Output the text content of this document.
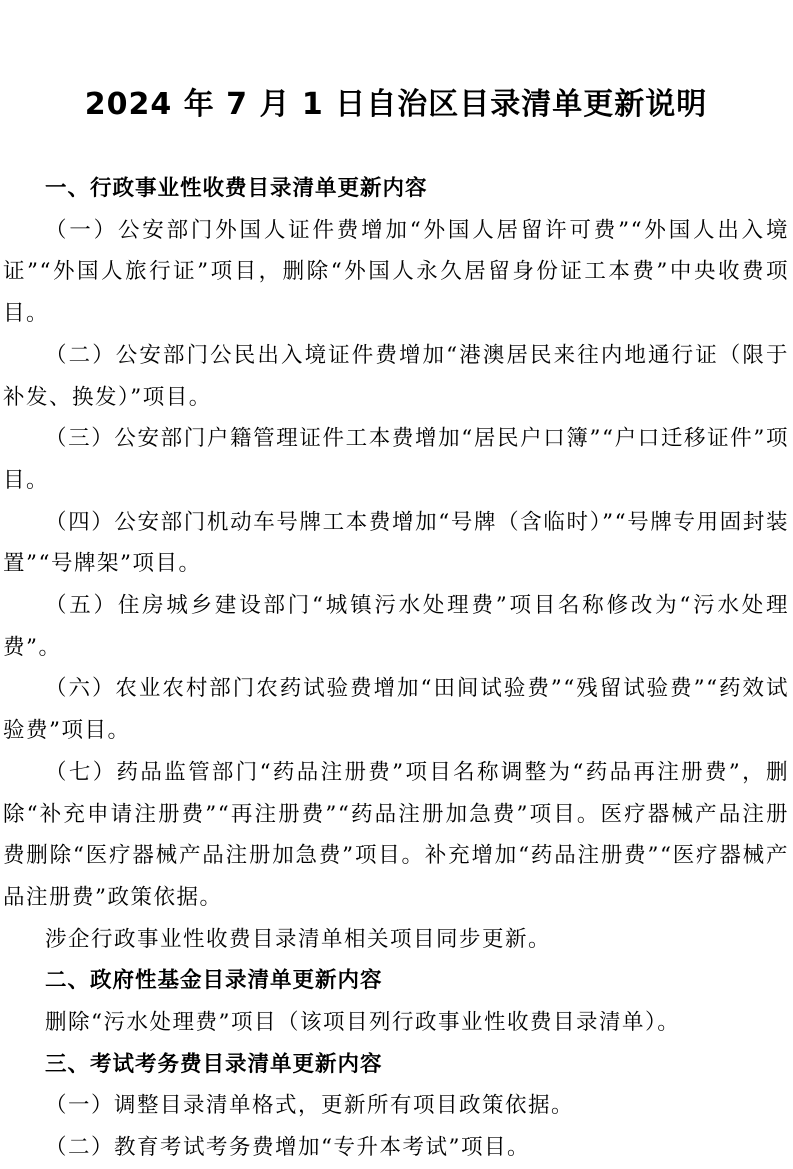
2024 年 7 月 1 日自治区目录清单更新说明
一、行政事业性收费目录清单更新内容

（一）公安部门外国人证件费增加“外国人居留许可费”“外国人出入境证”“外国人旅行证”项目，删除“外国人永久居留身份证工本费”中央收费项目。

（二）公安部门公民出入境证件费增加“港澳居民来往内地通行证（限于补发、换发）”项目。

（三）公安部门户籍管理证件工本费增加“居民户口簿”“户口迁移证件”项目。

（四）公安部门机动车号牌工本费增加“号牌（含临时）”“号牌专用固封装置”“号牌架”项目。

（五）住房城乡建设部门“城镇污水处理费”项目名称修改为“污水处理费”。

（六）农业农村部门农药试验费增加“田间试验费”“残留试验费”“药效试验费”项目。

（七）药品监管部门“药品注册费”项目名称调整为“药品再注册费”，删除“补充申请注册费”“再注册费”“药品注册加急费”项目。医疗器械产品注册费删除“医疗器械产品注册加急费”项目。补充增加“药品注册费”“医疗器械产品注册费”政策依据。

涉企行政事业性收费目录清单相关项目同步更新。

二、政府性基金目录清单更新内容

删除“污水处理费”项目（该项目列行政事业性收费目录清单）。

三、考试考务费目录清单更新内容

（一）调整目录清单格式，更新所有项目政策依据。

（二）教育考试考务费增加“专升本考试”项目。
